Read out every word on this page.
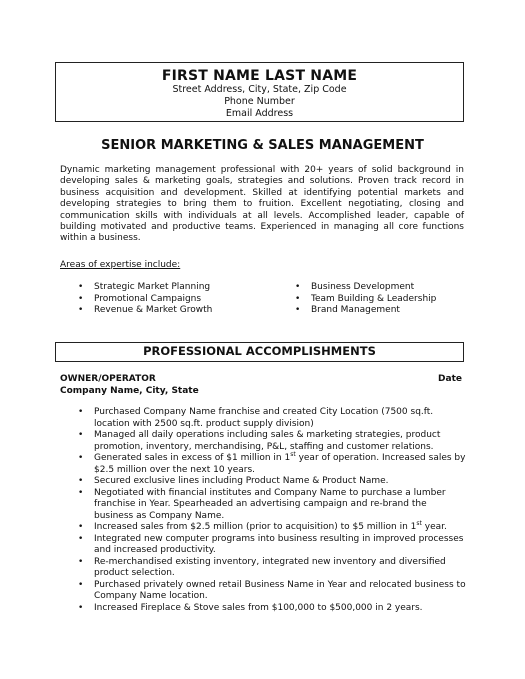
FIRST NAME LAST NAME
Street Address, City, State, Zip Code
Phone Number
Email Address
SENIOR MARKETING & SALES MANAGEMENT
Dynamic marketing management professional with 20+ years of solid background in developing sales & marketing goals, strategies and solutions. Proven track record in business acquisition and development. Skilled at identifying potential markets and developing strategies to bring them to fruition. Excellent negotiating, closing and communication skills with individuals at all levels. Accomplished leader, capable of building motivated and productive teams. Experienced in managing all core functions within a business.
Areas of expertise include:
• Strategic Market Planning
• Promotional Campaigns
• Revenue & Market Growth
• Business Development
• Team Building & Leadership
• Brand Management
PROFESSIONAL ACCOMPLISHMENTS
OWNER/OPERATOR	Date
Company Name, City, State
• Purchased Company Name franchise and created City Location (7500 sq.ft. location with 2500 sq.ft. product supply division)
• Managed all daily operations including sales & marketing strategies, product promotion, inventory, merchandising, P&L, staffing and customer relations.
• Generated sales in excess of $1 million in 1st year of operation. Increased sales by $2.5 million over the next 10 years.
• Secured exclusive lines including Product Name & Product Name.
• Negotiated with financial institutes and Company Name to purchase a lumber franchise in Year. Spearheaded an advertising campaign and re-brand the business as Company Name.
• Increased sales from $2.5 million (prior to acquisition) to $5 million in 1st year.
• Integrated new computer programs into business resulting in improved processes and increased productivity.
• Re-merchandised existing inventory, integrated new inventory and diversified product selection.
• Purchased privately owned retail Business Name in Year and relocated business to Company Name location.
• Increased Fireplace & Stove sales from $100,000 to $500,000 in 2 years.
